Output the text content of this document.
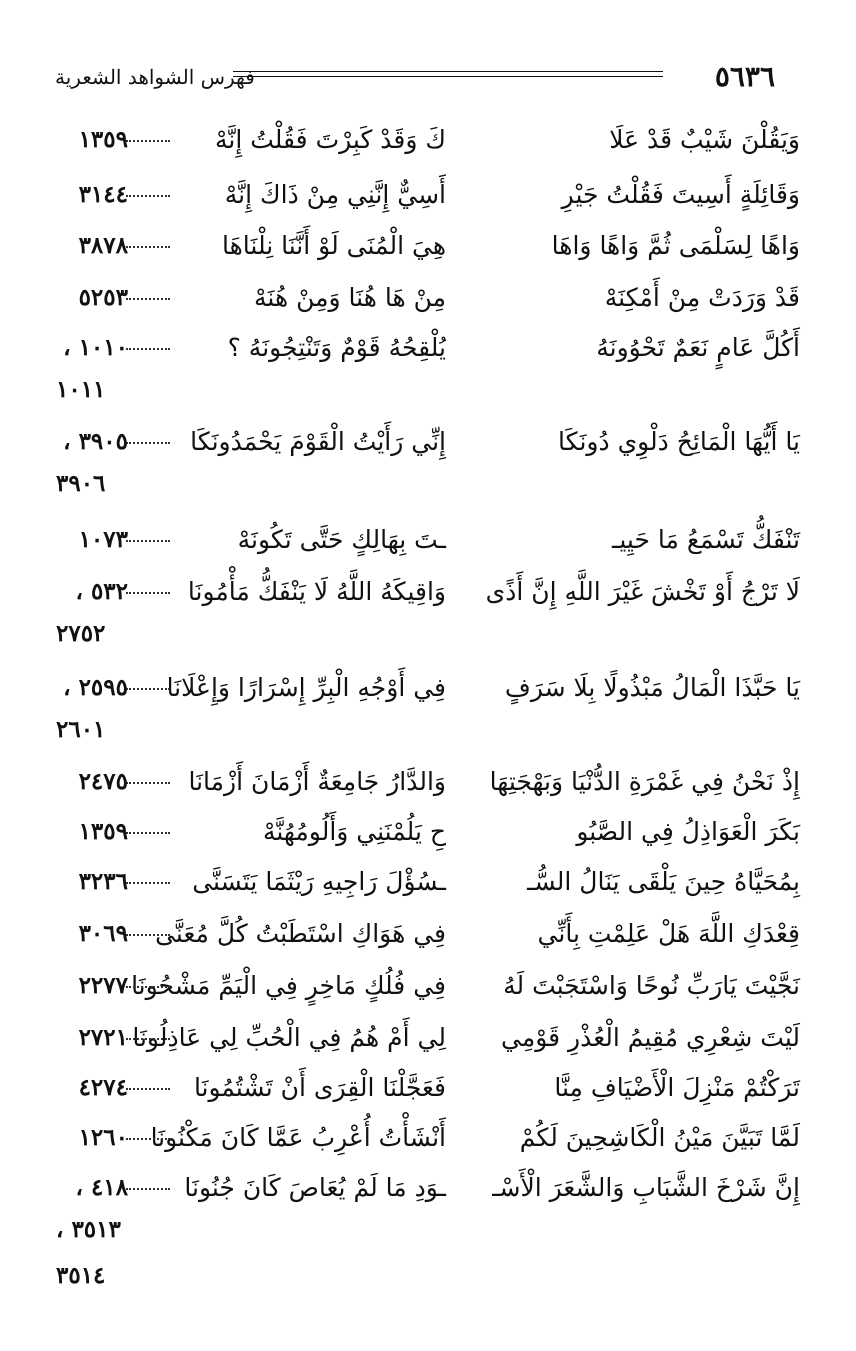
٥٦٣٦
فهرس الشواهد الشعرية
وَيَقُلْنَ شَيْبٌ قَدْ عَلَا
كَ وَقَدْ كَبِرْتَ فَقُلْتُ إِنَّهْ
١٣٥٩
وَقَائِلَةٍ أَسِيتَ فَقُلْتُ جَيْرِ
أَسِيٌّ إِنَّنِي مِنْ ذَاكَ إِنَّهْ
٣١٤٤
وَاهًا لِسَلْمَى ثُمَّ وَاهًا وَاهَا
هِيَ الْمُنَى لَوْ أَنَّنَا نِلْنَاهَا
٣٨٧٨
قَدْ وَرَدَتْ مِنْ أَمْكِنَهْ
مِنْ هَا هُنَا وَمِنْ هُنَهْ
٥٢٥٣
أَكُلَّ عَامٍ نَعَمٌ تَحْوُونَهُ
يُلْقِحُهُ قَوْمٌ وَتَنْتِجُونَهُ ؟
١٠١٠ ،
١٠١١
يَا أَيُّهَا الْمَائِحُ دَلْوِي دُونَكَا
إِنِّي رَأَيْتُ الْقَوْمَ يَحْمَدُونَكَا
٣٩٠٥ ،
٣٩٠٦
تَنْفَكُّ تَسْمَعُ مَا حَيِيـ
ـتَ بِهَالِكٍ حَتَّى تَكُونَهْ
١٠٧٣
لَا تَرْجُ أَوْ تَخْشَ غَيْرَ اللَّهِ إِنَّ أَذًى
وَاقِيكَهُ اللَّهُ لَا يَنْفَكُّ مَأْمُونَا
٥٣٢ ،
٢٧٥٢
يَا حَبَّذَا الْمَالُ مَبْذُولًا بِلَا سَرَفٍ
فِي أَوْجُهِ الْبِرِّ إِسْرَارًا وَإِعْلَانَا
٢٥٩٥ ،
٢٦٠١
إِذْ نَحْنُ فِي غَمْرَةِ الدُّنْيَا وَبَهْجَتِهَا
وَالدَّارُ جَامِعَةٌ أَزْمَانَ أَزْمَانَا
٢٤٧٥
بَكَرَ الْعَوَاذِلُ فِي الصَّبُو
حِ يَلُمْنَنِي وَأَلُومُهُنَّهْ
١٣٥٩
بِمُحَيَّاهُ حِينَ يَلْقَى يَنَالُ السُّـ
ـسُؤْلَ رَاجِيهِ رَيْثَمَا يَتَسَنَّى
٣٢٣٦
قِعْدَكِ اللَّهَ هَلْ عَلِمْتِ بِأَنِّي
فِي هَوَاكِ اسْتَطَبْتُ كُلَّ مُعَنَّى
٣٠٦٩
نَجَّيْتَ يَارَبِّ نُوحًا وَاسْتَجَبْتَ لَهُ
فِي فُلُكٍ مَاخِرٍ فِي الْيَمِّ مَشْحُونَا
٢٢٧٧
لَيْتَ شِعْرِي مُقِيمُ الْعُذْرِ قَوْمِي
لِي أَمْ هُمُ فِي الْحُبِّ لِي عَاذِلُونَا
٢٧٢١
تَرَكْتُمْ مَنْزِلَ الْأَضْيَافِ مِنَّا
فَعَجَّلْنَا الْقِرَى أَنْ تَشْتُمُونَا
٤٢٧٤
لَمَّا تَبَيَّنَ مَيْنُ الْكَاشِحِينَ لَكُمْ
أَنْشَأْتُ أُعْرِبُ عَمَّا كَانَ مَكْنُونَا
١٢٦٠
إِنَّ شَرْخَ الشَّبَابِ وَالشَّعَرَ الْأَسْـ
ـوَدِ مَا لَمْ يُعَاصَ كَانَ جُنُونَا
٤١٨ ،
٣٥١٣ ،
٣٥١٤
